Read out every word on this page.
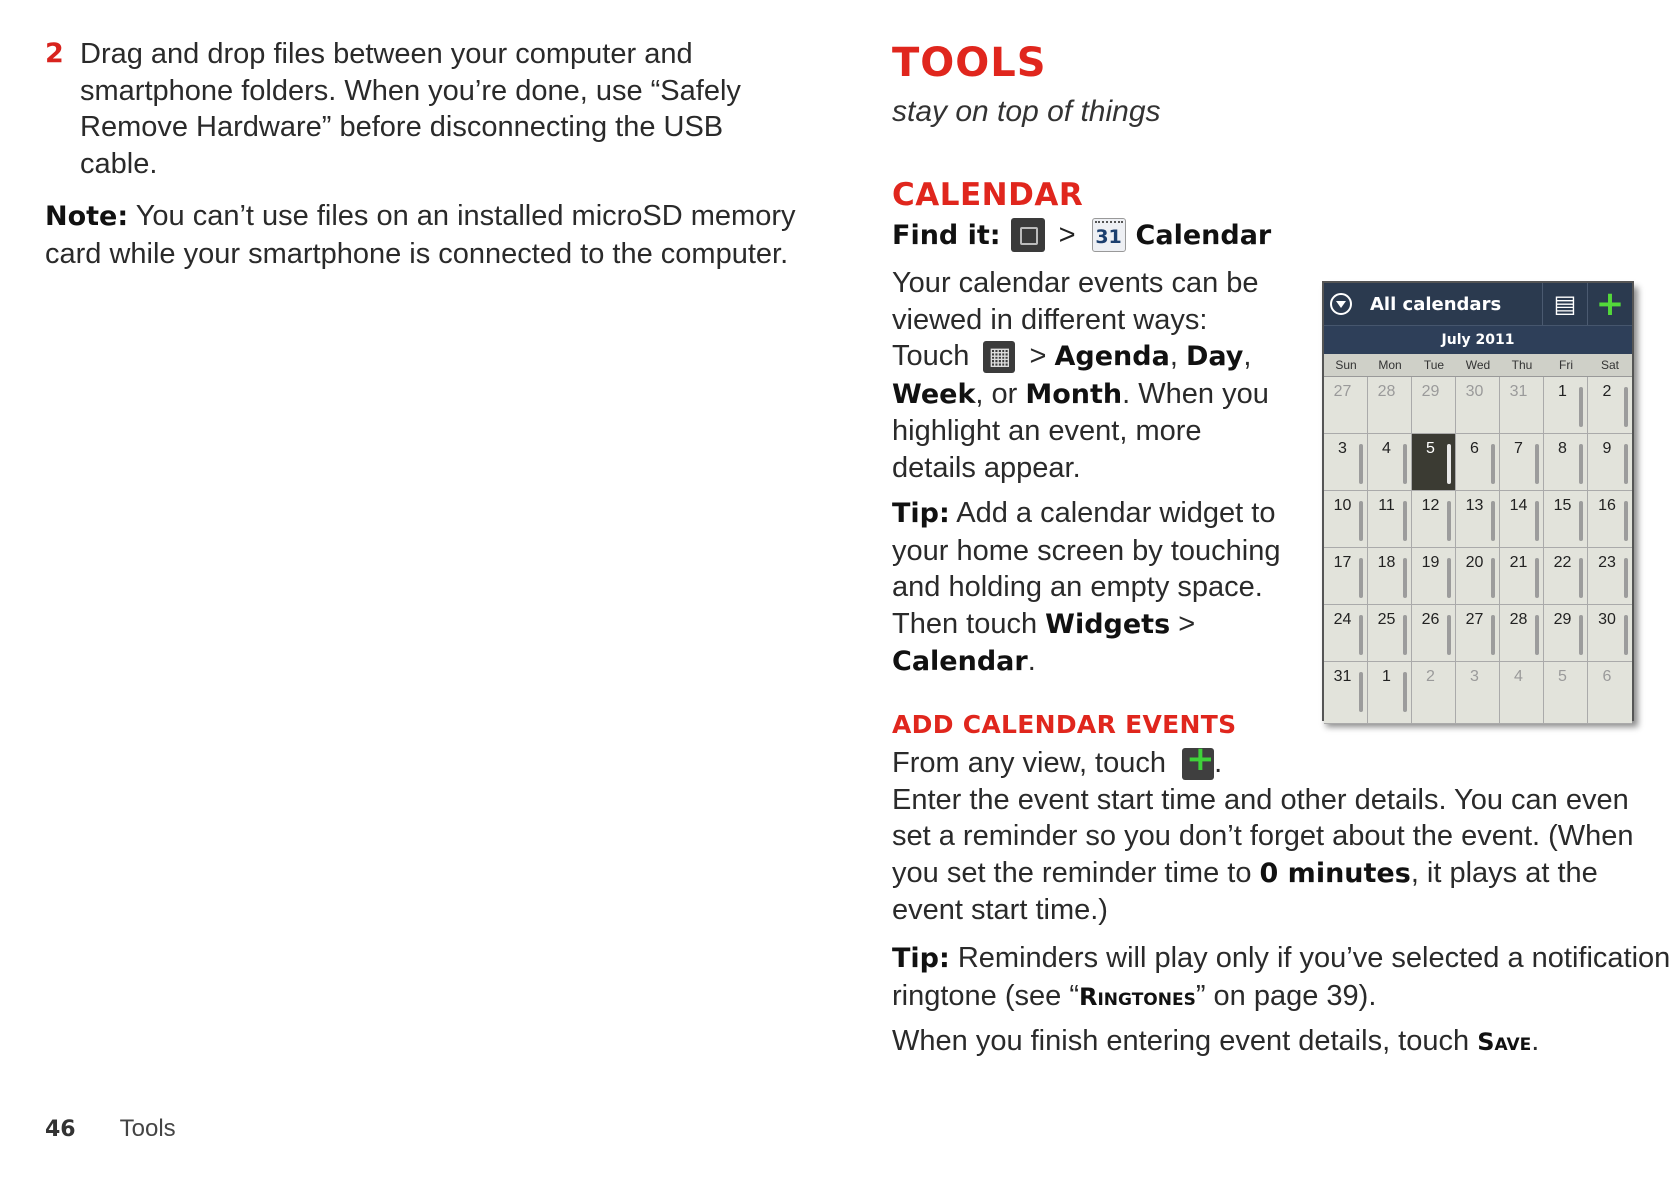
2 Drag and drop files between your computer and smartphone folders. When you’re done, use “Safely Remove Hardware” before disconnecting the USB cable.
Note: You can’t use files on an installed microSD memory card while your smartphone is connected to the computer.
46 Tools
TOOLS
stay on top of things
CALENDAR
Find it: > 31 Calendar
Your calendar events can be viewed in different ways: Touch ▦ > Agenda, Day, Week, or Month. When you highlight an event, more details appear.
Tip: Add a calendar widget to your home screen by touching and holding an empty space. Then touch Widgets > Calendar.
ADD CALENDAR EVENTS
From any view, touch +.
Enter the event start time and other details. You can even set a reminder so you don’t forget about the event. (When you set the reminder time to 0 minutes, it plays at the event start time.)
Tip: Reminders will play only if you’ve selected a notification ringtone (see “Ringtones” on page 39).
When you finish entering event details, touch Save.
All calendars	▤ +
July 2011
Sun	Mon	Tue	Wed	Thu	Fri	Sat
27	28	29	30	31	1	2
3	4	5	6	7	8	9
10	11	12	13	14	15	16
17	18	19	20	21	22	23
24	25	26	27	28	29	30
31	1	2	3	4	5	6
